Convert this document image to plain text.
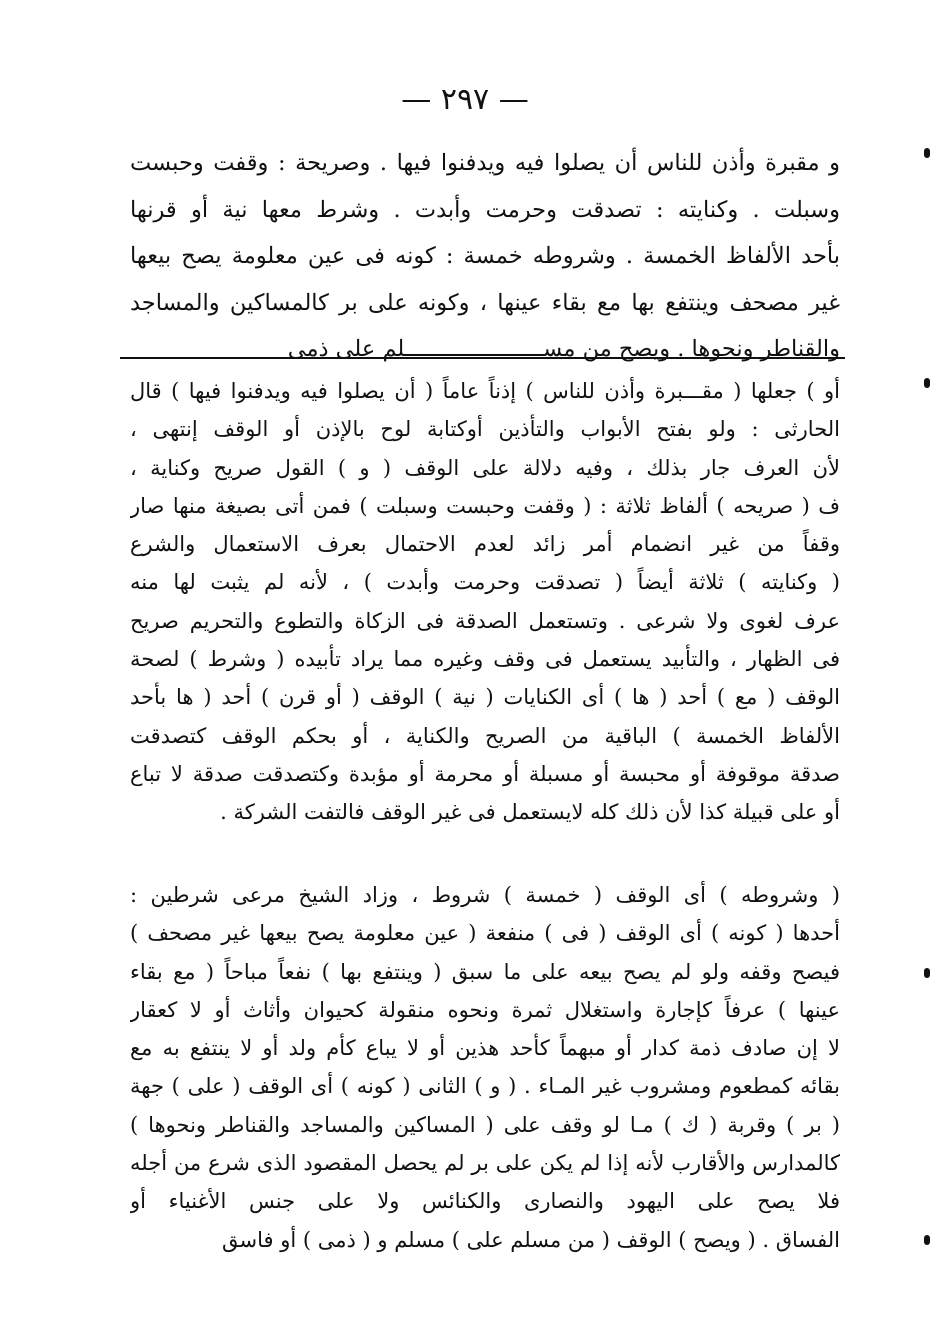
— ٢٩٧ —
و مقبرة وأذن للناس أن يصلوا فيه ويدفنوا فيها . وصريحة : وقفت وحبست
وسبلت . وكنايته : تصدقت وحرمت وأبدت . وشرط معها نية أو قرنها
بأحد الألفاظ الخمسة . وشروطه خمسة : كونه فى عين معلومة يصح بيعها
غير مصحف وينتفع بها مع بقاء عينها ، وكونه على بر كالمساكين والمساجد
والقناطر ونحوها . ويصح من مســـــــــــــــــــــلم على ذمى
أو ) جعلها ( مقـــبرة وأذن للناس ) إذناً عاماً ( أن يصلوا فيه ويدفنوا فيها ) قال
الحارثى : ولو بفتح الأبواب والتأذين أوكتابة لوح بالإذن أو الوقف إنتهى ،
لأن العرف جار بذلك ، وفيه دلالة على الوقف ( و ) القول صريح وكناية ،
ف ( صريحه ) ألفاظ ثلاثة : ( وقفت وحبست وسبلت ) فمن أتى بصيغة منها صار
وقفاً من غير انضمام أمر زائد لعدم الاحتمال بعرف الاستعمال والشرع
( وكنايته ) ثلاثة أيضاً ( تصدقت وحرمت وأبدت ) ، لأنه لم يثبت لها منه
عرف لغوى ولا شرعى . وتستعمل الصدقة فى الزكاة والتطوع والتحريم صريح
فى الظهار ، والتأبيد يستعمل فى وقف وغيره مما يراد تأبيده ( وشرط ) لصحة
الوقف ( مع ) أحد ( ها ) أى الكنايات ( نية ) الوقف ( أو قرن ) أحد ( ها بأحد
الألفاظ الخمسة ) الباقية من الصريح والكناية ، أو بحكم الوقف كتصدقت
صدقة موقوفة أو محبسة أو مسبلة أو محرمة أو مؤبدة وكتصدقت صدقة لا تباع
أو على قبيلة كذا لأن ذلك كله لايستعمل فى غير الوقف فالتفت الشركة .
( وشروطه ) أى الوقف ( خمسة ) شروط ، وزاد الشيخ مرعى شرطين :
أحدها ( كونه ) أى الوقف ( فى ) منفعة ( عين معلومة يصح بيعها غير مصحف )
فيصح وقفه ولو لم يصح بيعه على ما سبق ( وينتفع بها ) نفعاً مباحاً ( مع بقاء
عينها ) عرفاً كإجارة واستغلال ثمرة ونحوه منقولة كحيوان وأثاث أو لا كعقار
لا إن صادف ذمة كدار أو مبهماً كأحد هذين أو لا يباع كأم ولد أو لا ينتفع به مع
بقائه كمطعوم ومشروب غير المـاء . ( و ) الثانى ( كونه ) أى الوقف ( على ) جهة
( بر ) وقربة ( ك ) مـا لو وقف على ( المساكين والمساجد والقناطر ونحوها )
كالمدارس والأقارب لأنه إذا لم يكن على بر لم يحصل المقصود الذى شرع من أجله
فلا يصح على اليهود والنصارى والكنائس ولا على جنس الأغنياء أو
الفساق . ( ويصح ) الوقف ( من مسلم على ) مسلم و ( ذمى ) أو فاسق
